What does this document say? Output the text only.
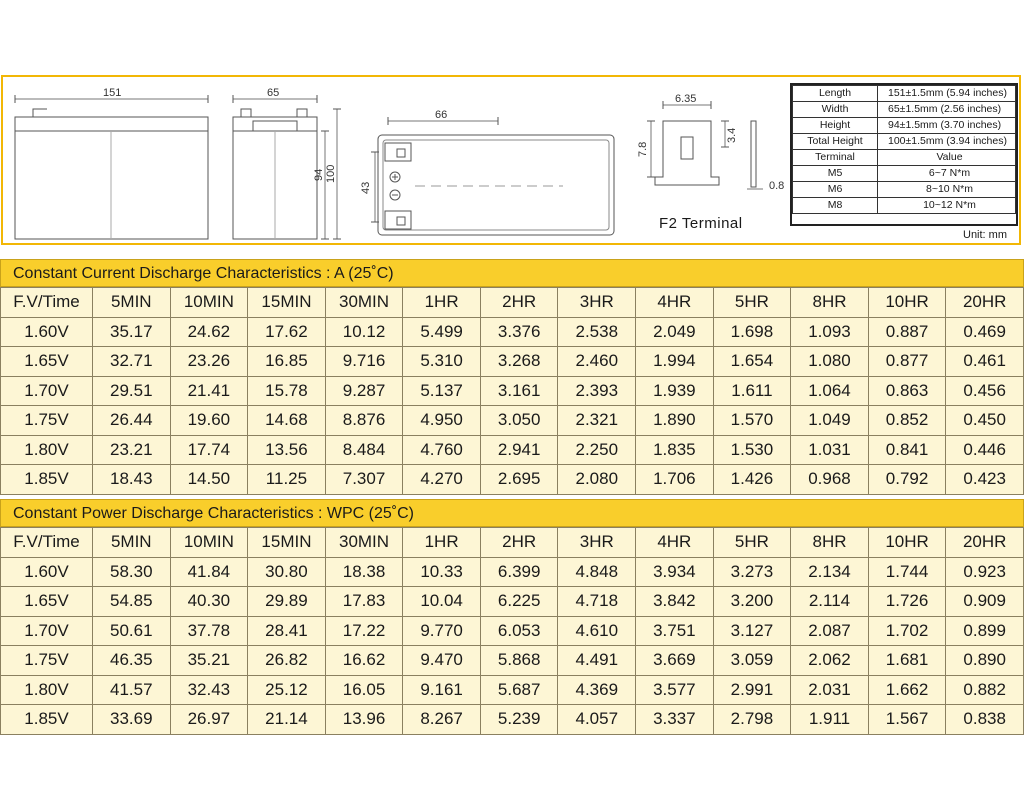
151	65
94 100
66
43
6.35
3.4
7.8
0.8
F2 Terminal
Length	151±1.5mm (5.94 inches)
Width	65±1.5mm (2.56 inches)
Height	94±1.5mm (3.70 inches)
Total Height	100±1.5mm (3.94 inches)
Terminal	Value
M5	6~7 N*m
M6	8~10 N*m
M8	10~12 N*m
Unit: mm
Constant Current Discharge Characteristics : A (25˚C)
F.V/Time	5MIN	10MIN	15MIN	30MIN	1HR	2HR	3HR	4HR	5HR	8HR	10HR	20HR
1.60V	35.17	24.62	17.62	10.12	5.499	3.376	2.538	2.049	1.698	1.093	0.887	0.469
1.65V	32.71	23.26	16.85	9.716	5.310	3.268	2.460	1.994	1.654	1.080	0.877	0.461
1.70V	29.51	21.41	15.78	9.287	5.137	3.161	2.393	1.939	1.611	1.064	0.863	0.456
1.75V	26.44	19.60	14.68	8.876	4.950	3.050	2.321	1.890	1.570	1.049	0.852	0.450
1.80V	23.21	17.74	13.56	8.484	4.760	2.941	2.250	1.835	1.530	1.031	0.841	0.446
1.85V	18.43	14.50	11.25	7.307	4.270	2.695	2.080	1.706	1.426	0.968	0.792	0.423
Constant Power Discharge Characteristics : WPC (25˚C)
F.V/Time	5MIN	10MIN	15MIN	30MIN	1HR	2HR	3HR	4HR	5HR	8HR	10HR	20HR
1.60V	58.30	41.84	30.80	18.38	10.33	6.399	4.848	3.934	3.273	2.134	1.744	0.923
1.65V	54.85	40.30	29.89	17.83	10.04	6.225	4.718	3.842	3.200	2.114	1.726	0.909
1.70V	50.61	37.78	28.41	17.22	9.770	6.053	4.610	3.751	3.127	2.087	1.702	0.899
1.75V	46.35	35.21	26.82	16.62	9.470	5.868	4.491	3.669	3.059	2.062	1.681	0.890
1.80V	41.57	32.43	25.12	16.05	9.161	5.687	4.369	3.577	2.991	2.031	1.662	0.882
1.85V	33.69	26.97	21.14	13.96	8.267	5.239	4.057	3.337	2.798	1.911	1.567	0.838
